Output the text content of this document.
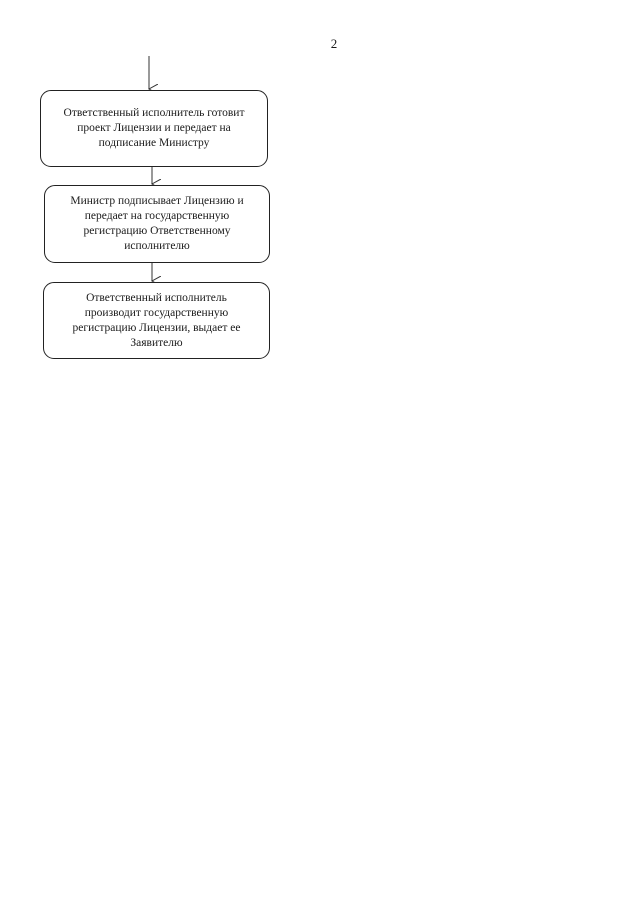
2
Ответственный исполнитель готовит проект Лицензии и передает на подписание Министру
Министр подписывает Лицензию и передает на государственную регистрацию Ответственному исполнителю
Ответственный исполнитель производит государственную регистрацию Лицензии, выдает ее Заявителю
